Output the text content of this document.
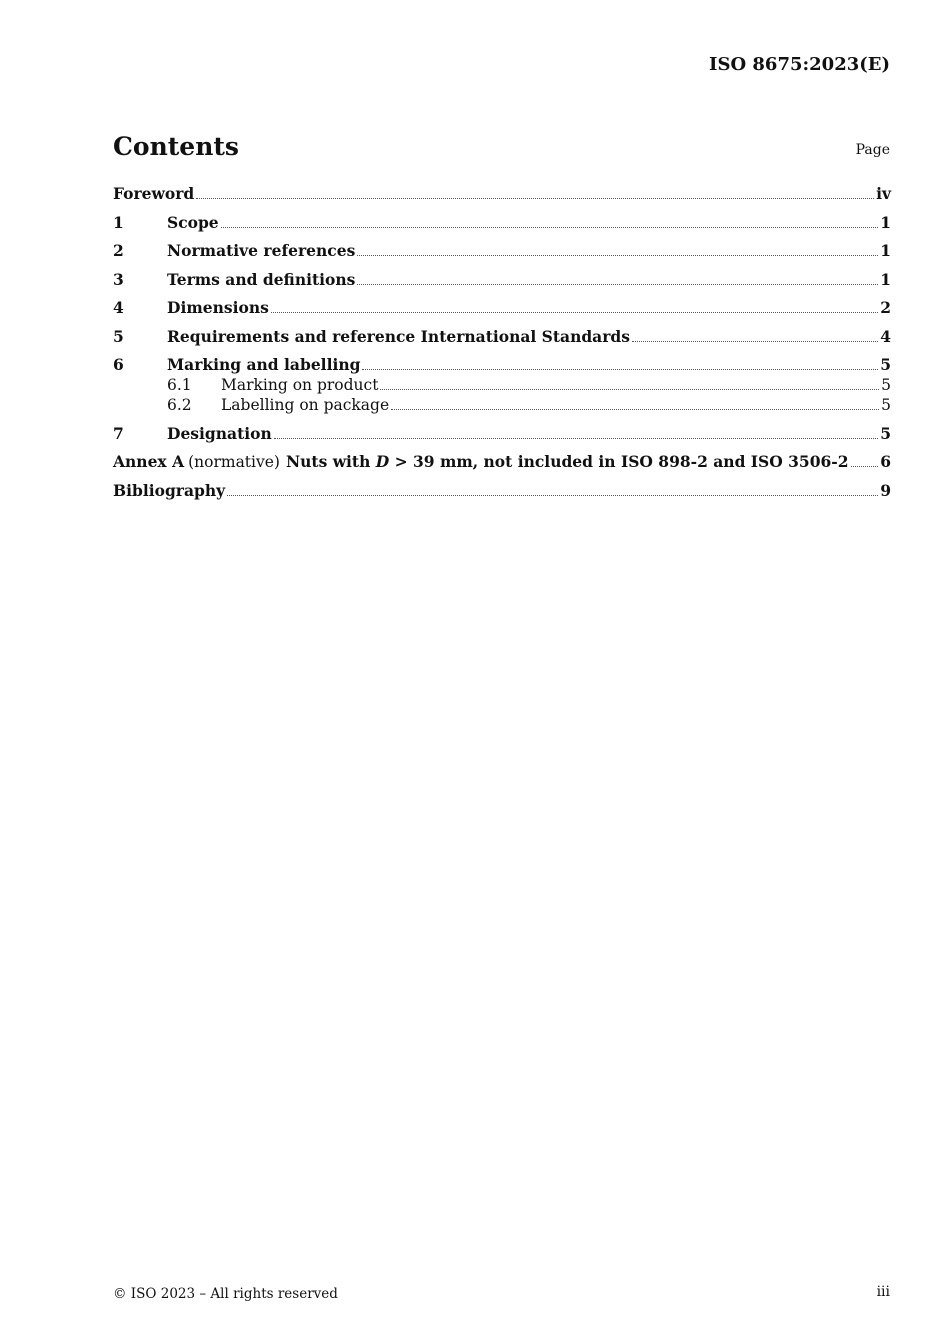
ISO 8675:2023(E)
Contents	Page
Foreword	iv
1	Scope	1
2	Normative references	1
3	Terms and definitions	1
4	Dimensions	2
5	Requirements and reference International Standards	4
6	Marking and labelling	5
6.1	Marking on product	5
6.2	Labelling on package	5
7	Designation	5
Annex A (normative) Nuts with D > 39 mm, not included in ISO 898-2 and ISO 3506-2 6
Bibliography	9
© ISO 2023 – All rights reserved	iii
